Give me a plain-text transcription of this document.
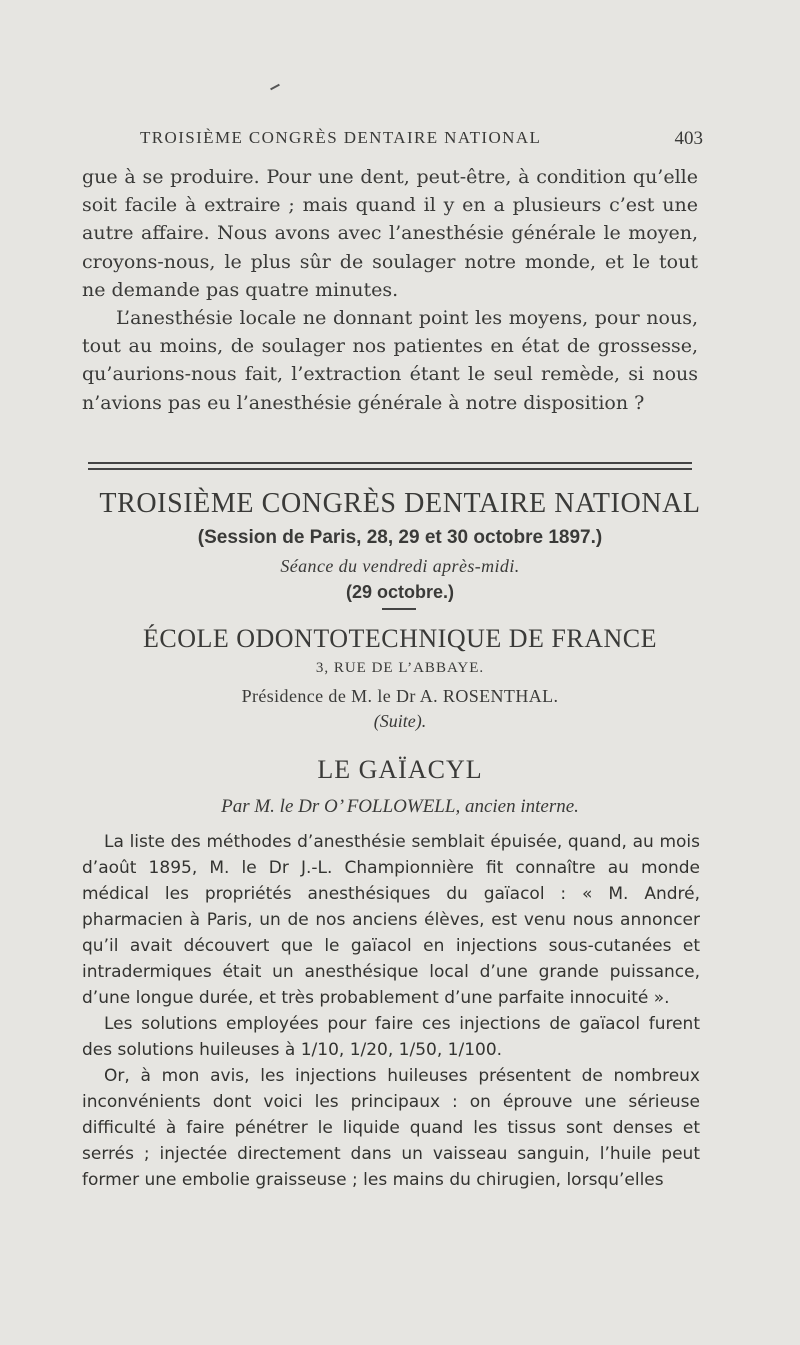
TROISIÈME CONGRÈS DENTAIRE NATIONAL	403

gue à se produire. Pour une dent, peut-être, à condition qu’elle soit facile à extraire ; mais quand il y en a plusieurs c’est une autre affaire. Nous avons avec l’anesthésie générale le moyen, croyons-nous, le plus sûr de soulager notre monde, et le tout ne demande pas quatre minutes.

L’anesthésie locale ne donnant point les moyens, pour nous, tout au moins, de soulager nos patientes en état de grossesse, qu’aurions-nous fait, l’extraction étant le seul remède, si nous n’avions pas eu l’anesthésie générale à notre disposition ?

TROISIÈME CONGRÈS DENTAIRE NATIONAL
(Session de Paris, 28, 29 et 30 octobre 1897.)
Séance du vendredi après-midi.
(29 octobre.)
ÉCOLE ODONTOTECHNIQUE DE FRANCE
3, RUE DE L’ABBAYE.
Présidence de M. le Dr A. ROSENTHAL.
(Suite).
LE GAÏACYL
Par M. le Dr O’ FOLLOWELL, ancien interne.

La liste des méthodes d’anesthésie semblait épuisée, quand, au mois d’août 1895, M. le Dr J.-L. Championnière fit connaître au monde médical les propriétés anesthésiques du gaïacol : « M. André, pharmacien à Paris, un de nos anciens élèves, est venu nous annoncer qu’il avait découvert que le gaïacol en injections sous-cutanées et intradermiques était un anesthésique local d’une grande puissance, d’une longue durée, et très probablement d’une parfaite innocuité ».

Les solutions employées pour faire ces injections de gaïacol furent des solutions huileuses à 1/10, 1/20, 1/50, 1/100.

Or, à mon avis, les injections huileuses présentent de nombreux inconvénients dont voici les principaux : on éprouve une sérieuse difficulté à faire pénétrer le liquide quand les tissus sont denses et serrés ; injectée directement dans un vaisseau sanguin, l’huile peut former une embolie graisseuse ; les mains du chirugien, lorsqu’elles
